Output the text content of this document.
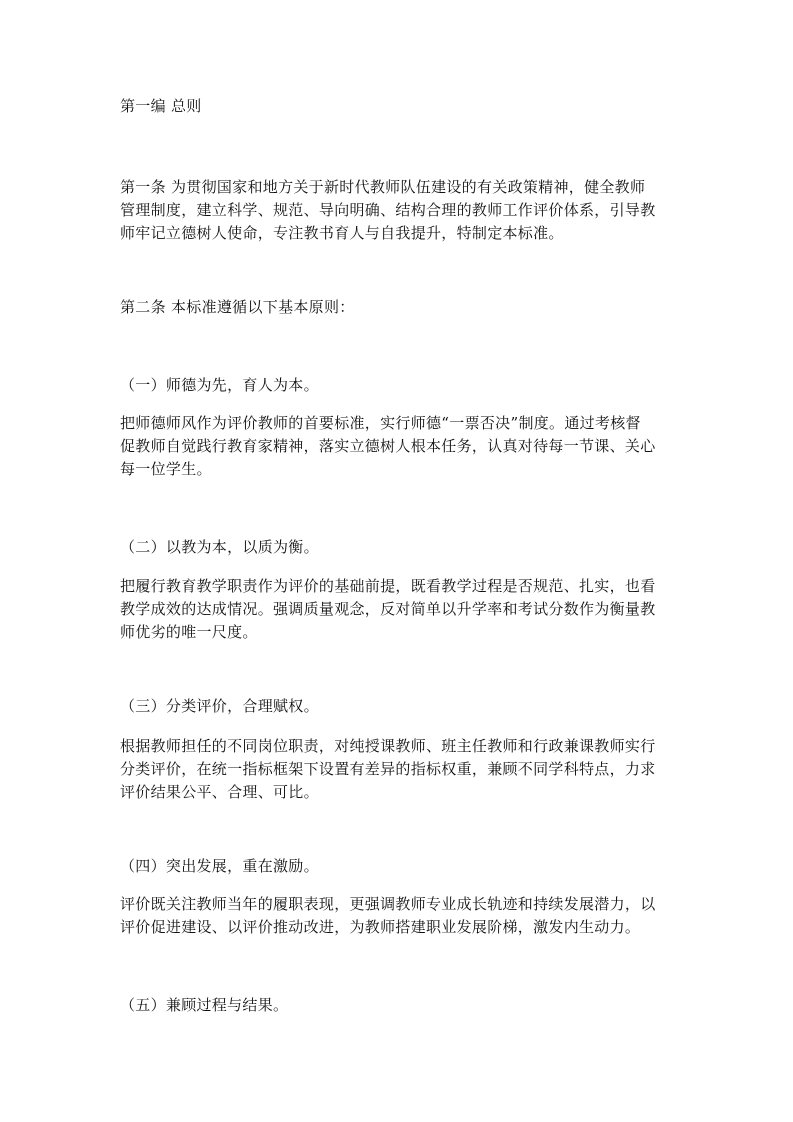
第一编 总则
第一条 为贯彻国家和地方关于新时代教师队伍建设的有关政策精神，健全教师
管理制度，建立科学、规范、导向明确、结构合理的教师工作评价体系，引导教
师牢记立德树人使命，专注教书育人与自我提升，特制定本标准。
第二条 本标准遵循以下基本原则：
（一）师德为先，育人为本。
把师德师风作为评价教师的首要标准，实行师德“一票否决”制度。通过考核督
促教师自觉践行教育家精神，落实立德树人根本任务，认真对待每一节课、关心
每一位学生。
（二）以教为本，以质为衡。
把履行教育教学职责作为评价的基础前提，既看教学过程是否规范、扎实，也看
教学成效的达成情况。强调质量观念，反对简单以升学率和考试分数作为衡量教
师优劣的唯一尺度。
（三）分类评价，合理赋权。
根据教师担任的不同岗位职责，对纯授课教师、班主任教师和行政兼课教师实行
分类评价，在统一指标框架下设置有差异的指标权重，兼顾不同学科特点，力求
评价结果公平、合理、可比。
（四）突出发展，重在激励。
评价既关注教师当年的履职表现，更强调教师专业成长轨迹和持续发展潜力，以
评价促进建设、以评价推动改进，为教师搭建职业发展阶梯，激发内生动力。
（五）兼顾过程与结果。
